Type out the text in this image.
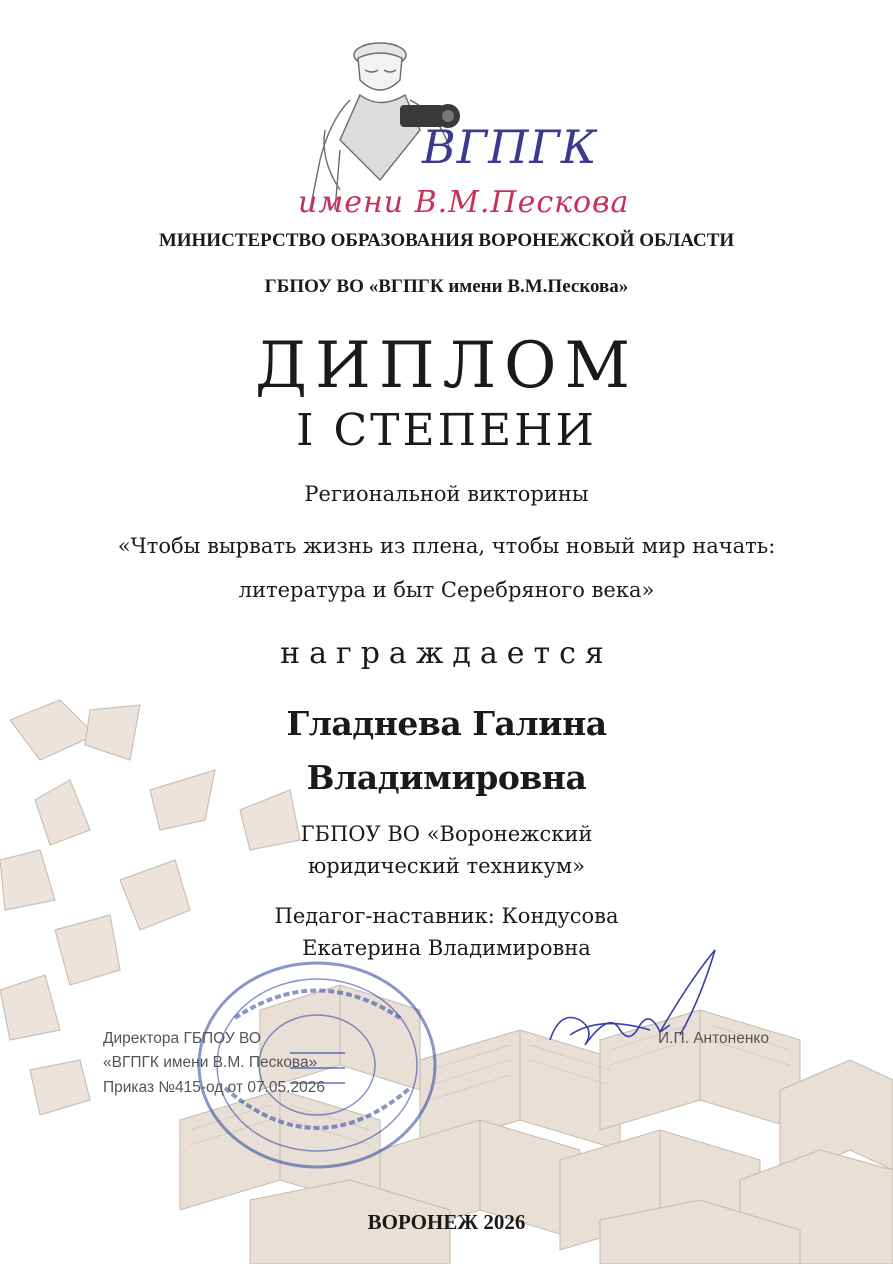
ВГПГК
имени В.М.Пескова
МИНИСТЕРСТВО ОБРАЗОВАНИЯ ВОРОНЕЖСКОЙ ОБЛАСТИ
ГБПОУ ВО «ВГПГК имени В.М.Пескова»
ДИПЛОМ
I СТЕПЕНИ
Региональной викторины
«Чтобы вырвать жизнь из плена, чтобы новый мир начать:
литература и быт Серебряного века»
награждается
Гладнева Галина
Владимировна
ГБПОУ ВО «Воронежский
юридический техникум»
Педагог-наставник: Кондусова
Екатерина Владимировна
Директора ГБПОУ ВО
«ВГПГК имени В.М. Пескова»
Приказ №415-од от 07.05.2026
И.П. Антоненко
ВОРОНЕЖ 2026
